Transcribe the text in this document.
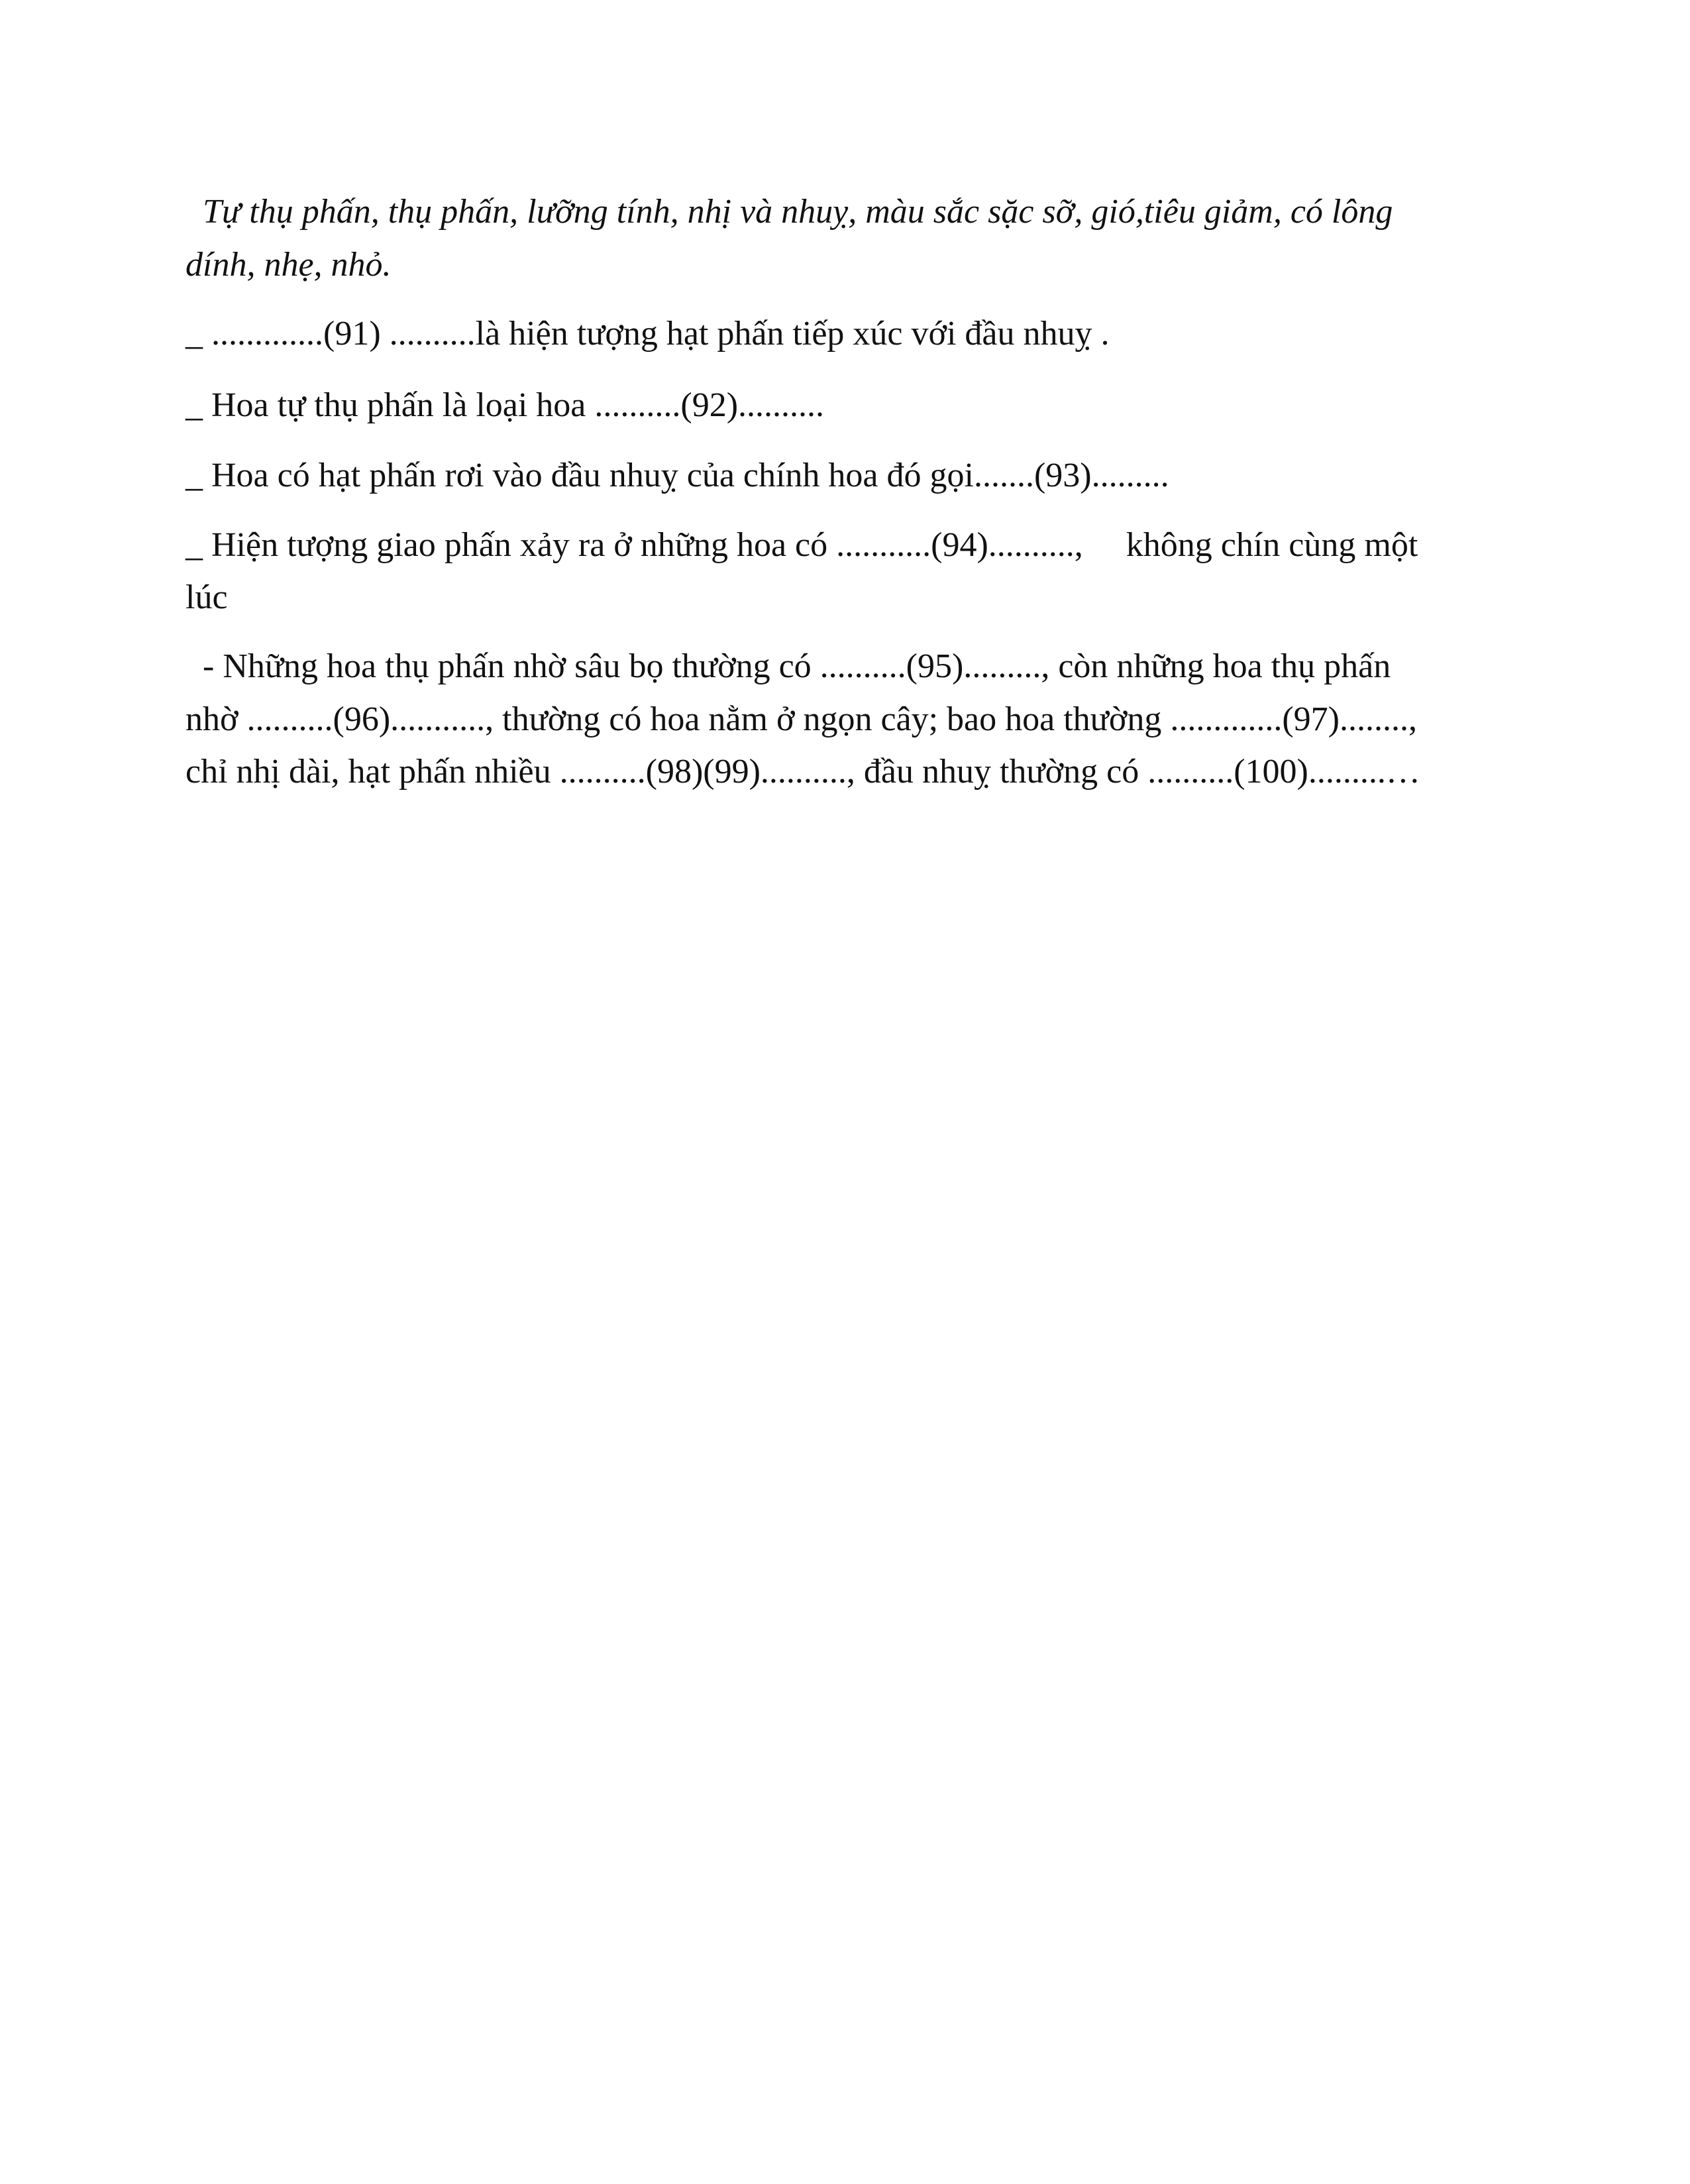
Tự thụ phấn, thụ phấn, lưỡng tính, nhị và nhuỵ, màu sắc sặc sỡ, gió,tiêu giảm, có lông

dính, nhẹ, nhỏ.

_ .............(91) ..........là hiện tượng hạt phấn tiếp xúc với đầu nhuỵ .

_ Hoa tự thụ phấn là loại hoa ..........(92)..........

_ Hoa có hạt phấn rơi vào đầu nhuỵ của chính hoa đó gọi.......(93).........

_ Hiện tượng giao phấn xảy ra ở những hoa có ...........(94)..........,     không chín cùng một

lúc

- Những hoa thụ phấn nhờ sâu bọ thường có ..........(95)........., còn những hoa thụ phấn

nhờ ..........(96)..........., thường có hoa nằm ở ngọn cây; bao hoa thường .............(97)........,

chỉ nhị dài, hạt phấn nhiều ..........(98)(99).........., đầu nhuỵ thường có ..........(100).........…
